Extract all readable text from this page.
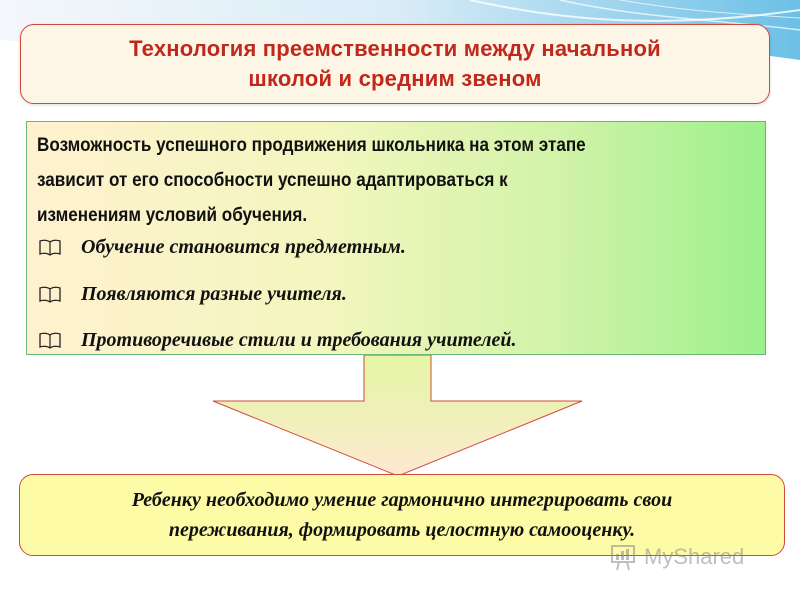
Технология преемственности между начальной
школой и средним звеном
Возможность успешного продвижения школьника на этом этапе
зависит от его способности успешно адаптироваться к
изменениям условий обучения.
Обучение становится предметным.
Появляются разные учителя.
Противоречивые стили и требования учителей.
Ребенку необходимо умение гармонично интегрировать свои
переживания, формировать целостную самооценку.
MyShared
